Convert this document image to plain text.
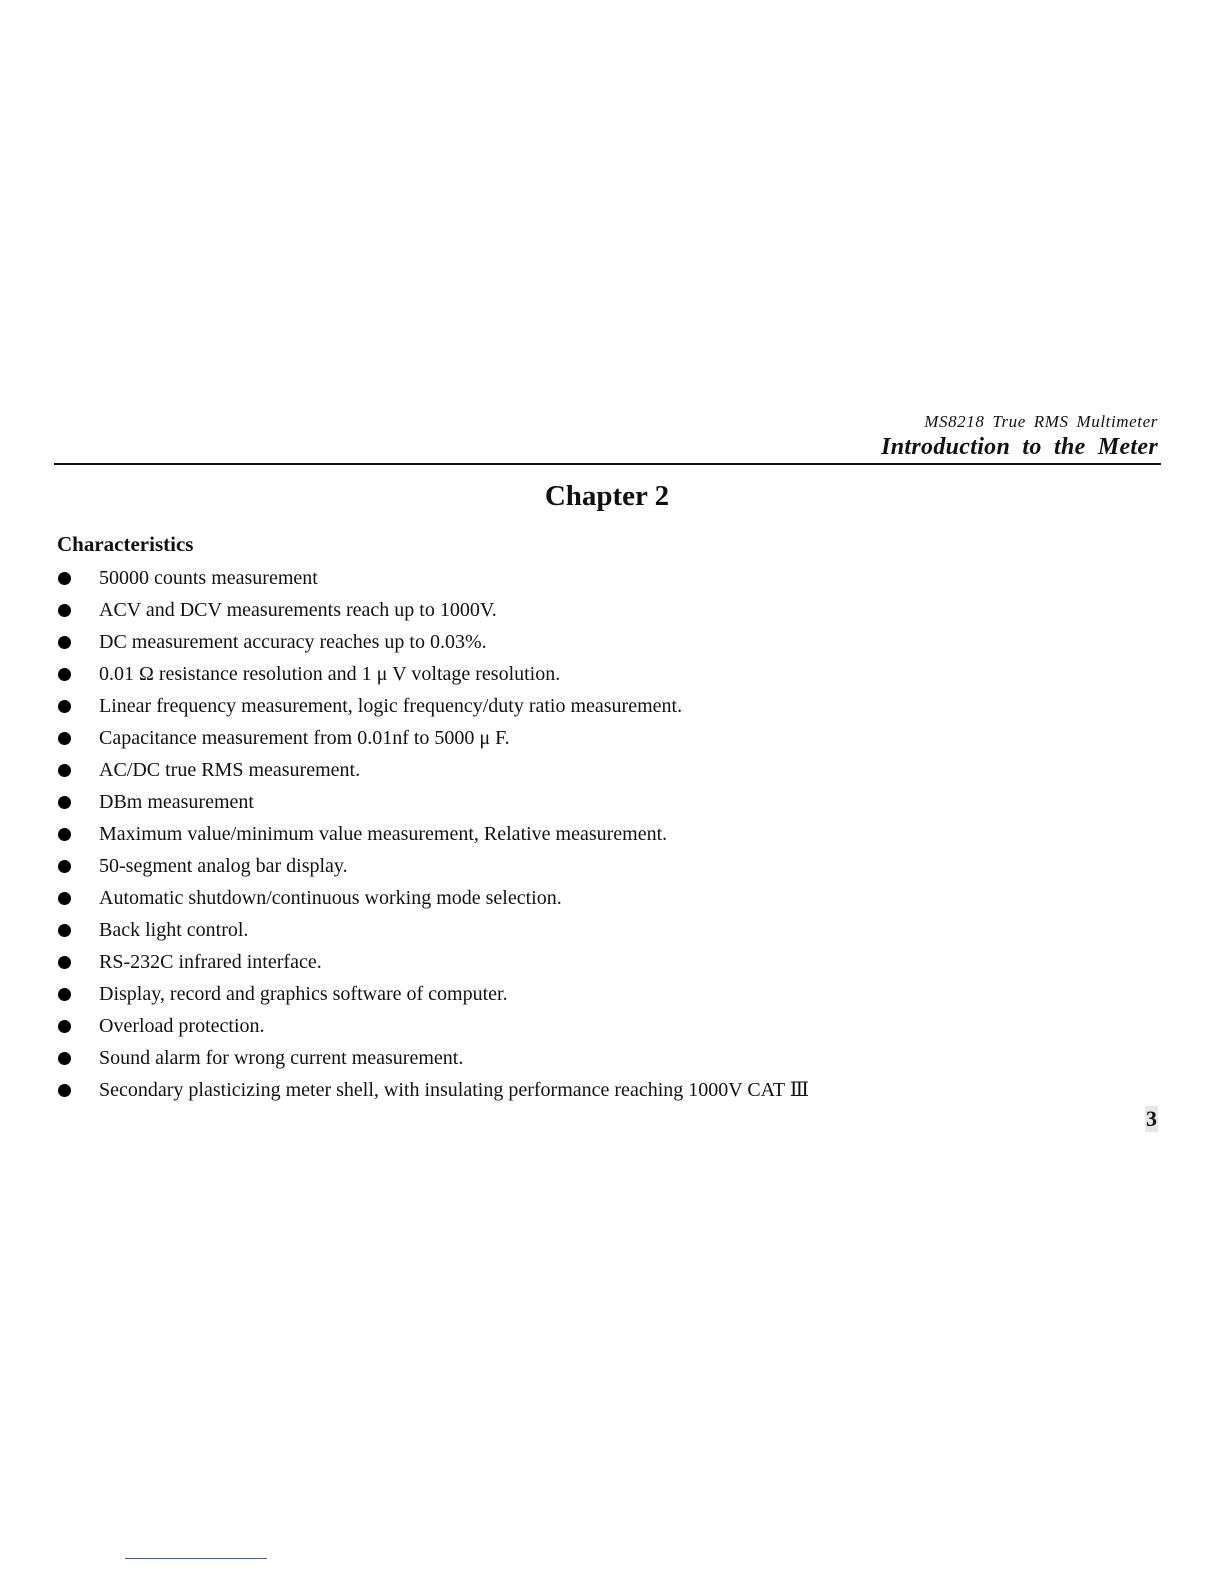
MS8218 True RMS Multimeter
Introduction to the Meter
Chapter 2
Characteristics
50000 counts measurement
ACV and DCV measurements reach up to 1000V.
DC measurement accuracy reaches up to 0.03%.
0.01 Ω resistance resolution and 1 μ V voltage resolution.
Linear frequency measurement, logic frequency/duty ratio measurement.
Capacitance measurement from 0.01nf to 5000 μ F.
AC/DC true RMS measurement.
DBm measurement
Maximum value/minimum value measurement, Relative measurement.
50-segment analog bar display.
Automatic shutdown/continuous working mode selection.
Back light control.
RS-232C infrared interface.
Display, record and graphics software of computer.
Overload protection.
Sound alarm for wrong current measurement.
Secondary plasticizing meter shell, with insulating performance reaching 1000V CAT Ⅲ
3
